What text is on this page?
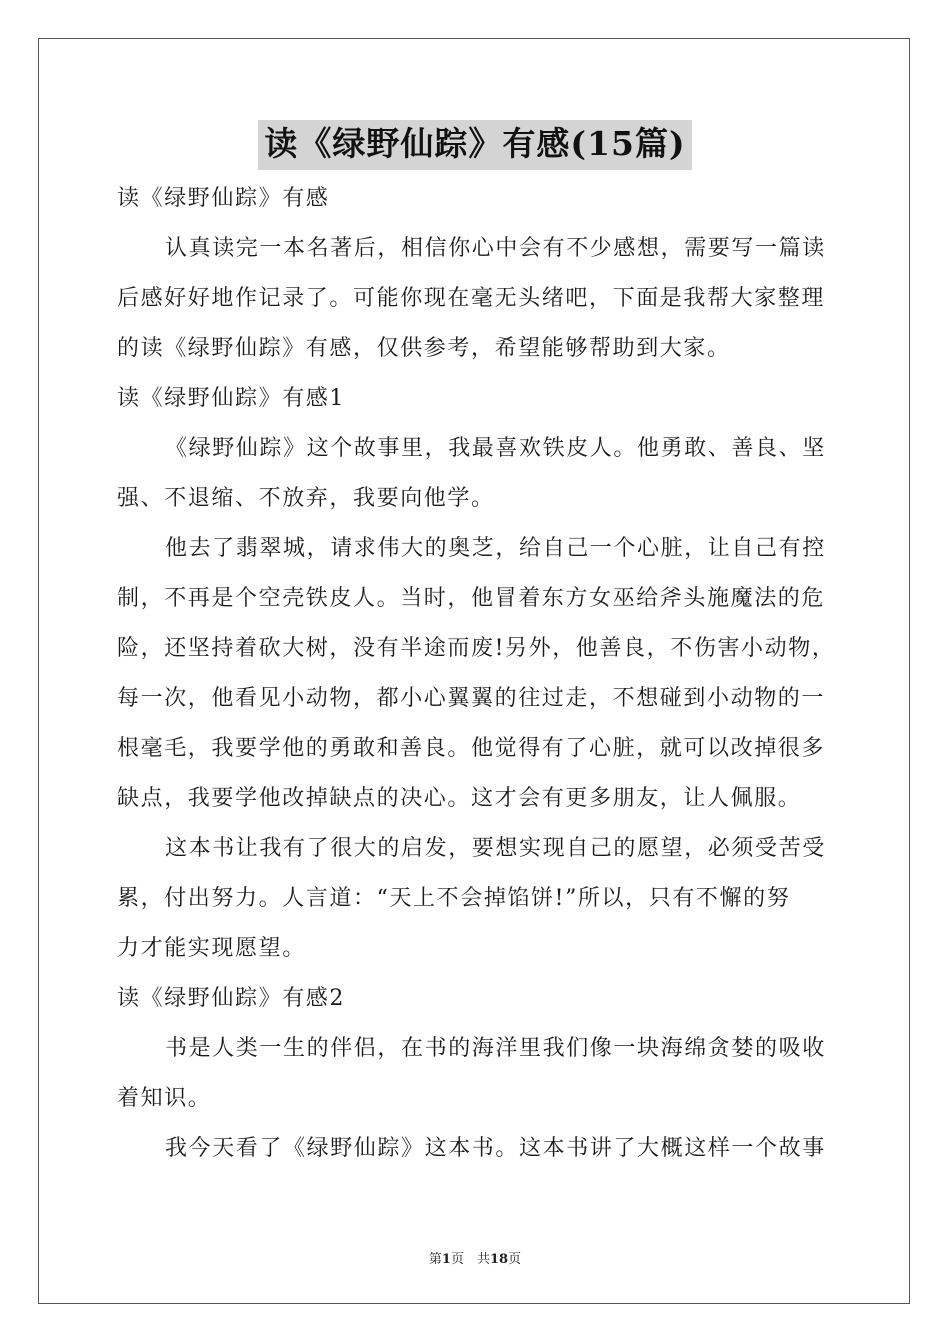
读《绿野仙踪》有感(15篇)
读《绿野仙踪》有感
认真读完一本名著后，相信你心中会有不少感想，需要写一篇读
后感好好地作记录了。可能你现在毫无头绪吧，下面是我帮大家整理
的读《绿野仙踪》有感，仅供参考，希望能够帮助到大家。
读《绿野仙踪》有感1
《绿野仙踪》这个故事里，我最喜欢铁皮人。他勇敢、善良、坚
强、不退缩、不放弃，我要向他学。
他去了翡翠城，请求伟大的奥芝，给自己一个心脏，让自己有控
制，不再是个空壳铁皮人。当时，他冒着东方女巫给斧头施魔法的危
险，还坚持着砍大树，没有半途而废!另外，他善良，不伤害小动物，
每一次，他看见小动物，都小心翼翼的往过走，不想碰到小动物的一
根毫毛，我要学他的勇敢和善良。他觉得有了心脏，就可以改掉很多
缺点，我要学他改掉缺点的决心。这才会有更多朋友，让人佩服。
这本书让我有了很大的启发，要想实现自己的愿望，必须受苦受
累，付出努力。人言道：“天上不会掉馅饼!”所以，只有不懈的努
力才能实现愿望。
读《绿野仙踪》有感2
书是人类一生的伴侣，在书的海洋里我们像一块海绵贪婪的吸收
着知识。
我今天看了《绿野仙踪》这本书。这本书讲了大概这样一个故事
第1页　共18页
